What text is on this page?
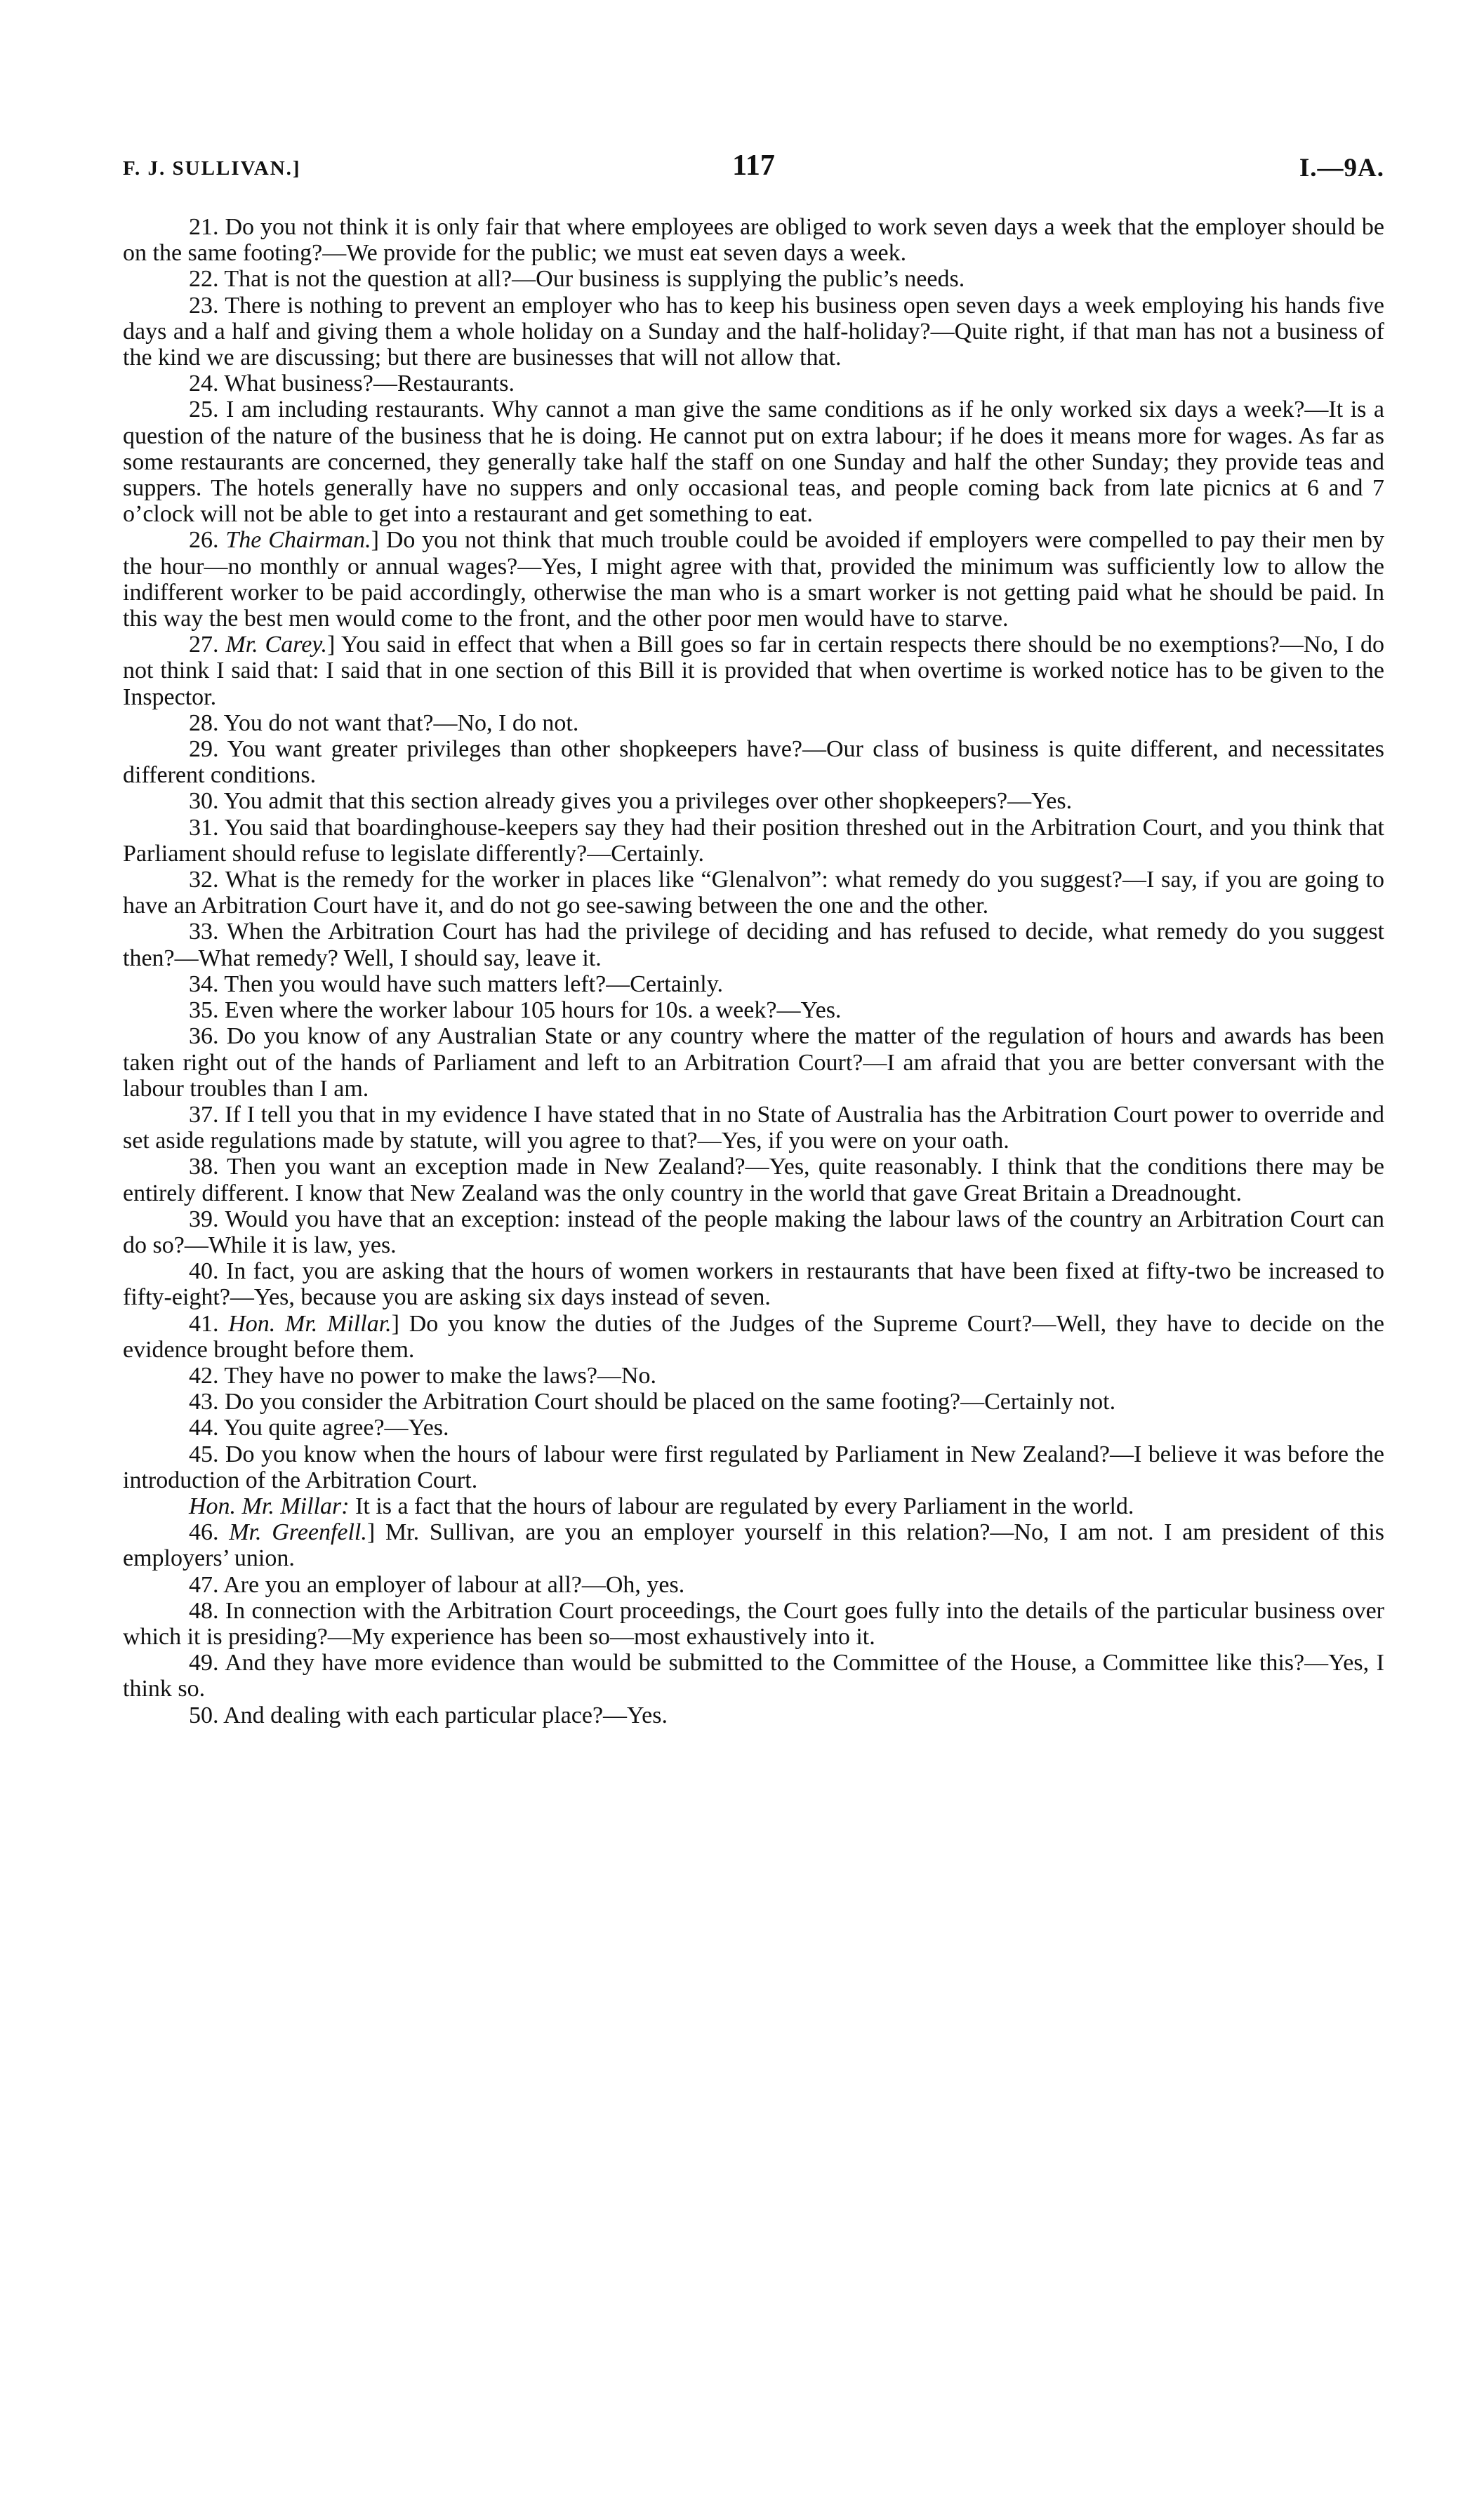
F. J. SULLIVAN.]	117	I.—9A.

21. Do you not think it is only fair that where employees are obliged to work seven days a week that the employer should be on the same footing?—We provide for the public; we must eat seven days a week.

22. That is not the question at all?—Our business is supplying the public’s needs.

23. There is nothing to prevent an employer who has to keep his business open seven days a week employing his hands five days and a half and giving them a whole holiday on a Sunday and the half-holiday?—Quite right, if that man has not a business of the kind we are discussing; but there are businesses that will not allow that.

24. What business?—Restaurants.

25. I am including restaurants. Why cannot a man give the same conditions as if he only worked six days a week?—It is a question of the nature of the business that he is doing. He cannot put on extra labour; if he does it means more for wages. As far as some restaurants are concerned, they generally take half the staff on one Sunday and half the other Sunday; they provide teas and suppers. The hotels generally have no suppers and only occasional teas, and people coming back from late picnics at 6 and 7 o’clock will not be able to get into a restaurant and get something to eat.

26. The Chairman.] Do you not think that much trouble could be avoided if employers were compelled to pay their men by the hour—no monthly or annual wages?—Yes, I might agree with that, provided the minimum was sufficiently low to allow the indifferent worker to be paid accordingly, otherwise the man who is a smart worker is not getting paid what he should be paid. In this way the best men would come to the front, and the other poor men would have to starve.

27. Mr. Carey.] You said in effect that when a Bill goes so far in certain respects there should be no exemptions?—No, I do not think I said that: I said that in one section of this Bill it is provided that when overtime is worked notice has to be given to the Inspector.

28. You do not want that?—No, I do not.

29. You want greater privileges than other shopkeepers have?—Our class of business is quite different, and necessitates different conditions.

30. You admit that this section already gives you a privileges over other shopkeepers?—Yes.

31. You said that boardinghouse-keepers say they had their position threshed out in the Arbitration Court, and you think that Parliament should refuse to legislate differently?—Certainly.

32. What is the remedy for the worker in places like “Glenalvon”: what remedy do you suggest?—I say, if you are going to have an Arbitration Court have it, and do not go see-sawing between the one and the other.

33. When the Arbitration Court has had the privilege of deciding and has refused to decide, what remedy do you suggest then?—What remedy? Well, I should say, leave it.

34. Then you would have such matters left?—Certainly.

35. Even where the worker labour 105 hours for 10s. a week?—Yes.

36. Do you know of any Australian State or any country where the matter of the regulation of hours and awards has been taken right out of the hands of Parliament and left to an Arbitration Court?—I am afraid that you are better conversant with the labour troubles than I am.

37. If I tell you that in my evidence I have stated that in no State of Australia has the Arbitration Court power to override and set aside regulations made by statute, will you agree to that?—Yes, if you were on your oath.

38. Then you want an exception made in New Zealand?—Yes, quite reasonably. I think that the conditions there may be entirely different. I know that New Zealand was the only country in the world that gave Great Britain a Dreadnought.

39. Would you have that an exception: instead of the people making the labour laws of the country an Arbitration Court can do so?—While it is law, yes.

40. In fact, you are asking that the hours of women workers in restaurants that have been fixed at fifty-two be increased to fifty-eight?—Yes, because you are asking six days instead of seven.

41. Hon. Mr. Millar.] Do you know the duties of the Judges of the Supreme Court?—Well, they have to decide on the evidence brought before them.

42. They have no power to make the laws?—No.

43. Do you consider the Arbitration Court should be placed on the same footing?—Certainly not.

44. You quite agree?—Yes.

45. Do you know when the hours of labour were first regulated by Parliament in New Zealand?—I believe it was before the introduction of the Arbitration Court.

Hon. Mr. Millar: It is a fact that the hours of labour are regulated by every Parliament in the world.

46. Mr. Greenfell.] Mr. Sullivan, are you an employer yourself in this relation?—No, I am not. I am president of this employers’ union.

47. Are you an employer of labour at all?—Oh, yes.

48. In connection with the Arbitration Court proceedings, the Court goes fully into the details of the particular business over which it is presiding?—My experience has been so—most exhaustively into it.

49. And they have more evidence than would be submitted to the Committee of the House, a Committee like this?—Yes, I think so.

50. And dealing with each particular place?—Yes.
